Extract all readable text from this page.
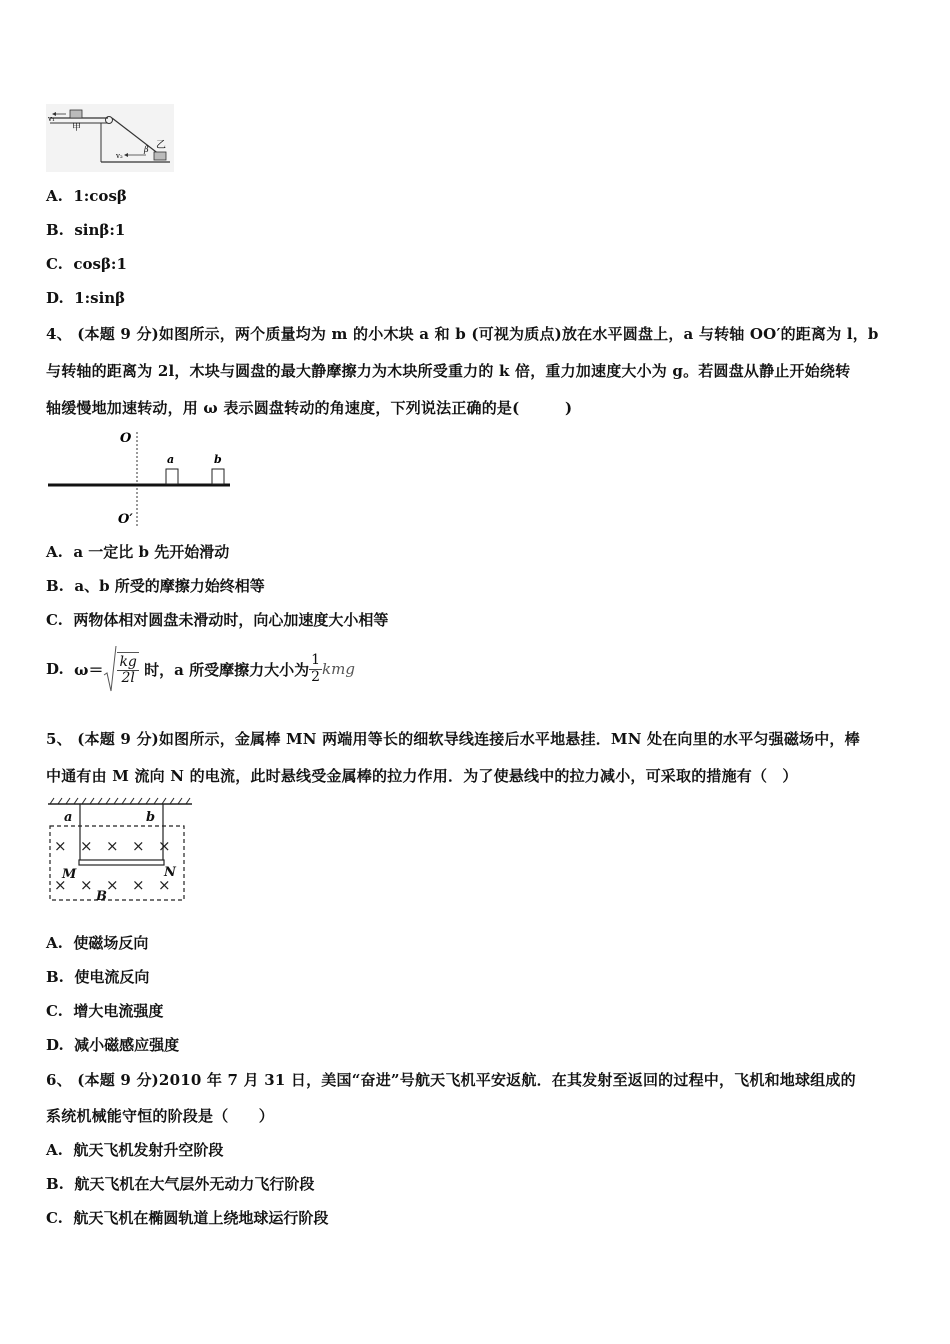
v₁
甲
v₂
β 乙
A. 1:cosβ
B. sinβ:1
C. cosβ:1
D. 1:sinβ
4、 (本题 9 分)如图所示，两个质量均为 m 的小木块 a 和 b (可视为质点)放在水平圆盘上，a 与转轴 OO′的距离为 l，b
与转轴的距离为 2l，木块与圆盘的最大静摩擦力为木块所受重力的 k 倍，重力加速度大小为 g。若圆盘从静止开始绕转
轴缓慢地加速转动，用 ω 表示圆盘转动的角速度，下列说法正确的是(　　　)
O
O′
a	b
A. a 一定比 b 先开始滑动
B. a、b 所受的摩擦力始终相等
C. 两物体相对圆盘未滑动时，向心加速度大小相等
D.
$\omega= \frac{kg}{2l}$
时，a 所受摩擦力大小为 $\frac{1}{2}$ kmg
5、 (本题 9 分)如图所示，金属棒 MN 两端用等长的细软导线连接后水平地悬挂．MN 处在向里的水平匀强磁场中，棒
中通有由 M 流向 N 的电流，此时悬线受金属棒的拉力作用．为了使悬线中的拉力减小，可采取的措施有（　）
× × × × ×
× × × × ×
a	b
M	N
B
A. 使磁场反向
B. 使电流反向
C. 增大电流强度
D. 减小磁感应强度
6、 (本题 9 分)2010 年 7 月 31 日，美国“奋进”号航天飞机平安返航．在其发射至返回的过程中，飞机和地球组成的
系统机械能守恒的阶段是（　　）
A. 航天飞机发射升空阶段
B. 航天飞机在大气层外无动力飞行阶段
C. 航天飞机在椭圆轨道上绕地球运行阶段
